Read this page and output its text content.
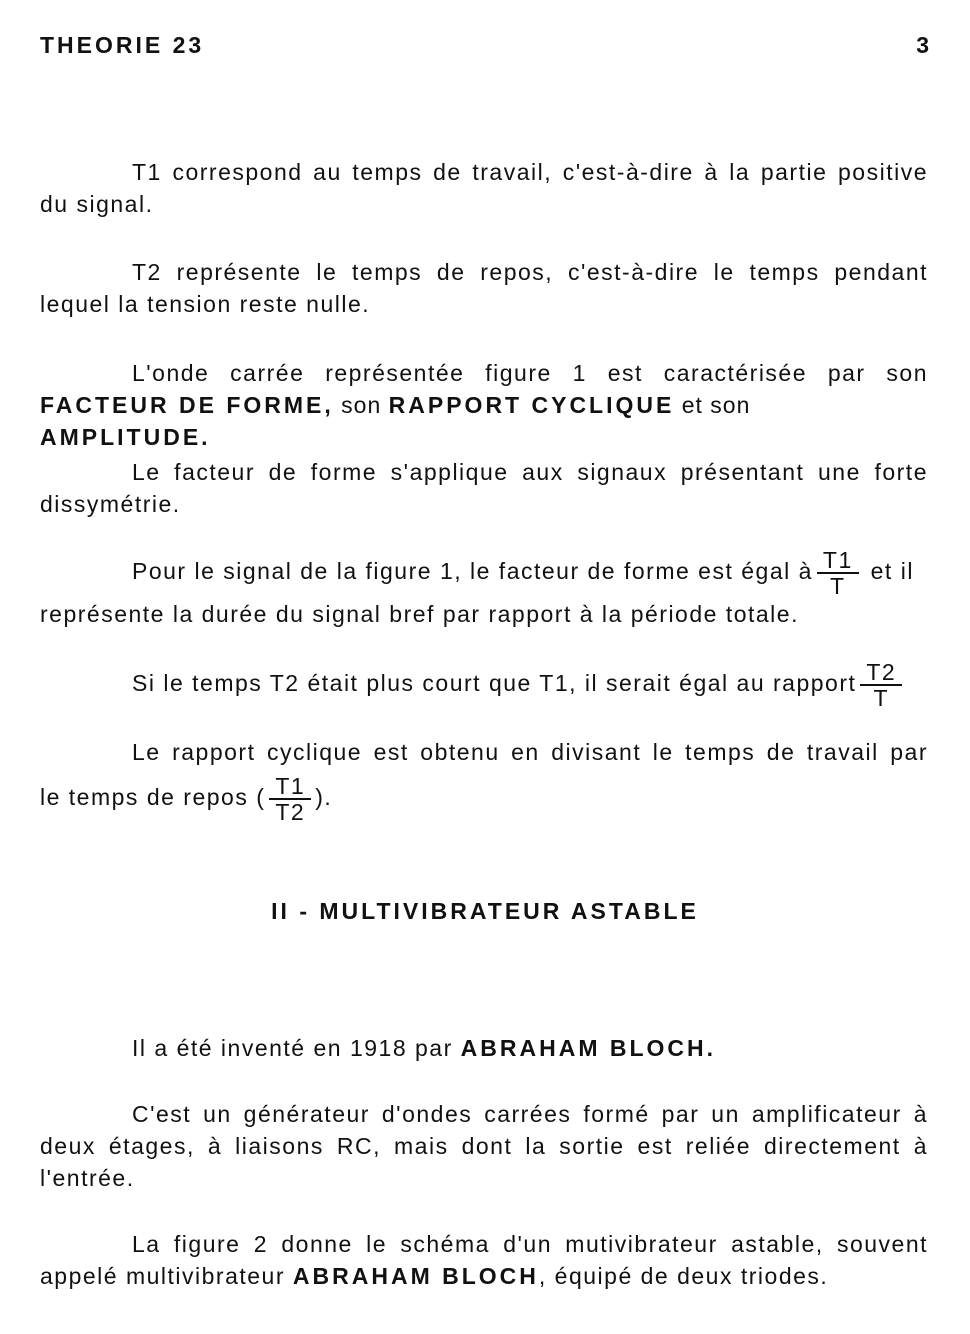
THEORIE 23	3
T1 correspond au temps de travail, c'est-à-dire à la partie positive du signal.
T2 représente le temps de repos, c'est-à-dire le temps pendant lequel la tension reste nulle.
L'onde carrée représentée figure 1 est caractérisée par son
FACTEUR DE FORME, son RAPPORT CYCLIQUE et son AMPLITUDE.
Le facteur de forme s'applique aux signaux présentant une forte dissymétrie.
Pour le signal de la figure 1, le facteur de forme est égal à $\frac{T1}{T}$ et il
représente la durée du signal bref par rapport à la période totale.
Si le temps T2 était plus court que T1, il serait égal au rapport $\frac{T2}{T}$
Le rapport cyclique est obtenu en divisant le temps de travail par
le temps de repos ( $\frac{T1}{T2}$ ).
II - MULTIVIBRATEUR ASTABLE
Il a été inventé en 1918 par ABRAHAM BLOCH.
C'est un générateur d'ondes carrées formé par un amplificateur à deux étages, à liaisons RC, mais dont la sortie est reliée directement à l'entrée.
La figure 2 donne le schéma d'un mutivibrateur astable, souvent appelé multivibrateur ABRAHAM BLOCH, équipé de deux triodes.
